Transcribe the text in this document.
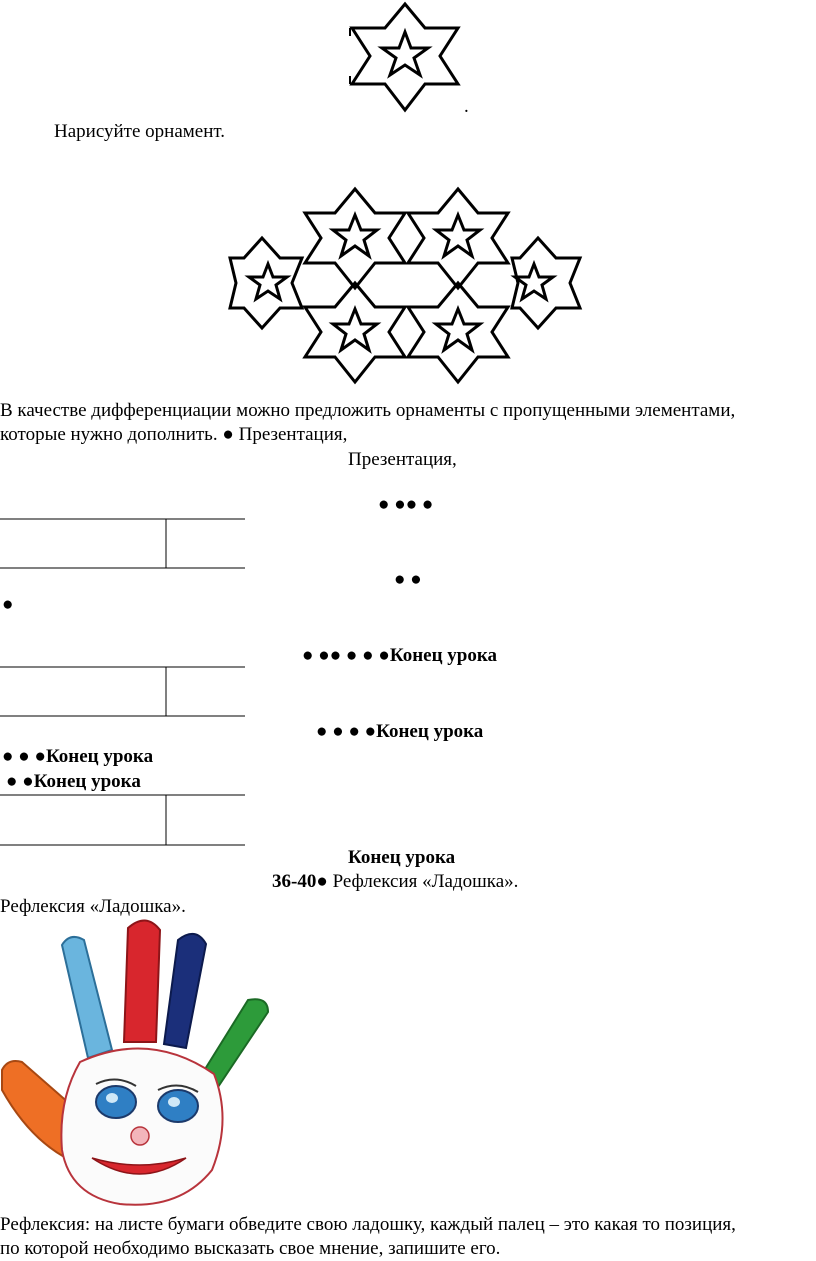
.
Нарисуйте орнамент.
В качестве дифференциации можно предложить орнаменты с пропущенными элементами,
которые нужно дополнить. ● Презентация,
Презентация,
● ●● ●
● ●
●
● ●● ● ● ●Конец урока
● ● ● ●Конец урока
● ● ●Конец урока
● ●Конец урока
Конец урока
36-40● Рефлексия «Ладошка».
Рефлексия «Ладошка».
Рефлексия: на листе бумаги обведите свою ладошку, каждый палец – это какая то позиция,
по которой необходимо высказать свое мнение, запишите его.
